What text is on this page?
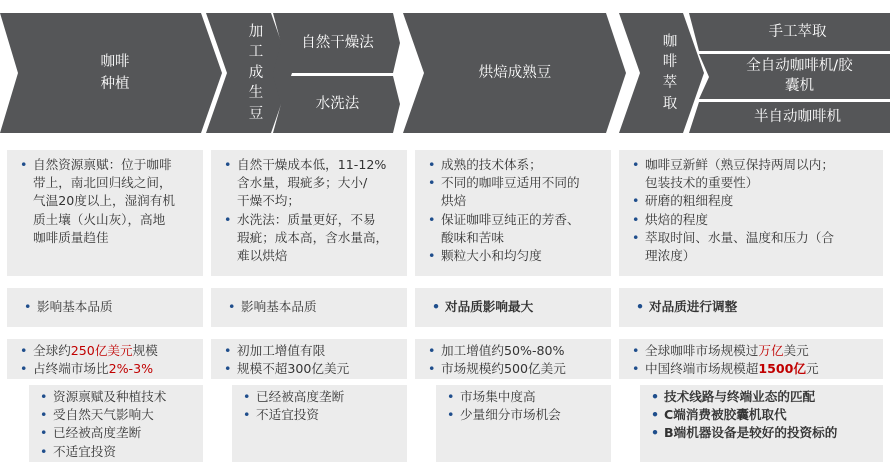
咖啡
种植
加
工
成
生
豆
自然干燥法
水洗法
烘焙成熟豆
咖
啡
萃
取
手工萃取
全自动咖啡机/胶
囊机
半自动咖啡机
• 自然资源禀赋：位于咖啡
带上，南北回归线之间，
气温20度以上，湿润有机
质土壤（火山灰），高地
咖啡质量趋佳
• 自然干燥成本低，11-12%
含水量，瑕疵多；大小/
干燥不均；
• 水洗法：质量更好，不易
瑕疵；成本高，含水量高，
难以烘焙
• 成熟的技术体系；
• 不同的咖啡豆适用不同的
烘焙
• 保证咖啡豆纯正的芳香、
酸味和苦味
• 颗粒大小和均匀度
• 咖啡豆新鲜（熟豆保持两周以内；
包装技术的重要性）
• 研磨的粗细程度
• 烘焙的程度
• 萃取时间、水量、温度和压力（合
理浓度）
• 影响基本品质	• 影响基本品质	• 对品质影响最大	• 对品质进行调整
• 全球约250亿美元规模
• 占终端市场比2%-3%
• 初加工增值有限
• 规模不超300亿美元
• 加工增值约50%-80%
• 市场规模约500亿美元
• 全球咖啡市场规模过万亿美元
• 中国终端市场规模超1500亿元
• 资源禀赋及种植技术
• 受自然天气影响大
• 已经被高度垄断
• 不适宜投资
• 已经被高度垄断
• 不适宜投资
• 市场集中度高
• 少量细分市场机会
• 技术线路与终端业态的匹配
• C端消费被胶囊机取代
• B端机器设备是较好的投资标的
